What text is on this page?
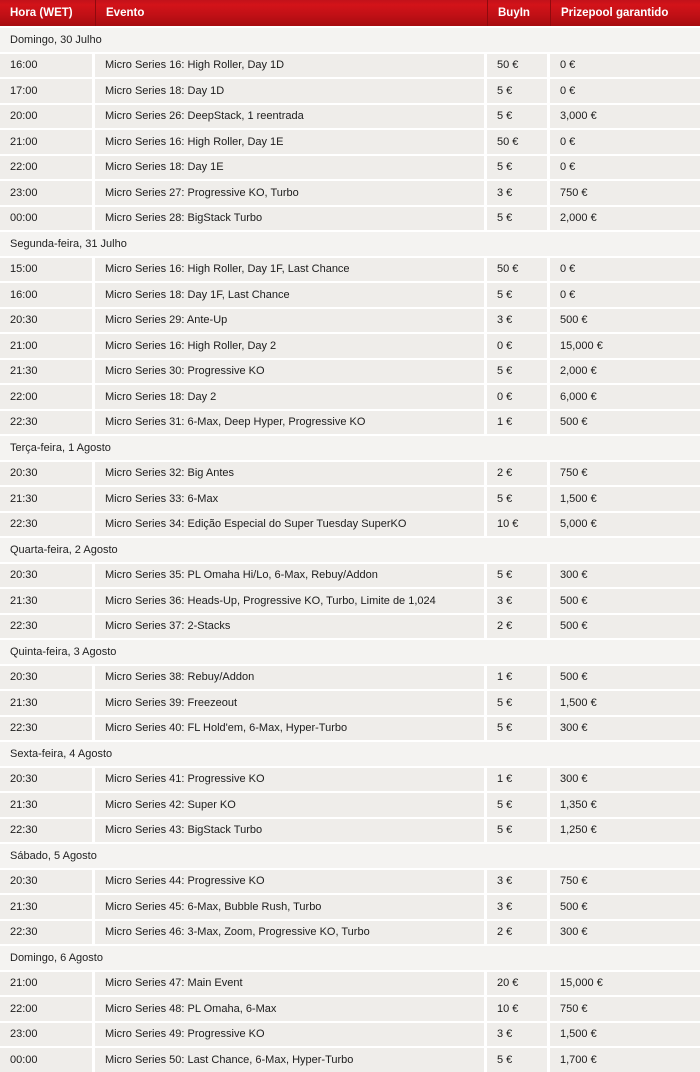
Hora (WET)	Evento	BuyIn	Prizepool garantido
Domingo, 30 Julho
16:00	Micro Series 16: High Roller, Day 1D	50 €	0 €
17:00	Micro Series 18: Day 1D	5 €	0 €
20:00	Micro Series 26: DeepStack, 1 reentrada	5 €	3,000 €
21:00	Micro Series 16: High Roller, Day 1E	50 €	0 €
22:00	Micro Series 18: Day 1E	5 €	0 €
23:00	Micro Series 27: Progressive KO, Turbo	3 €	750 €
00:00	Micro Series 28: BigStack Turbo	5 €	2,000 €
Segunda-feira, 31 Julho
15:00	Micro Series 16: High Roller, Day 1F, Last Chance	50 €	0 €
16:00	Micro Series 18: Day 1F, Last Chance	5 €	0 €
20:30	Micro Series 29: Ante-Up	3 €	500 €
21:00	Micro Series 16: High Roller, Day 2	0 €	15,000 €
21:30	Micro Series 30: Progressive KO	5 €	2,000 €
22:00	Micro Series 18: Day 2	0 €	6,000 €
22:30	Micro Series 31: 6-Max, Deep Hyper, Progressive KO	1 €	500 €
Terça-feira, 1 Agosto
20:30	Micro Series 32: Big Antes	2 €	750 €
21:30	Micro Series 33: 6-Max	5 €	1,500 €
22:30	Micro Series 34: Edição Especial do Super Tuesday SuperKO	10 €	5,000 €
Quarta-feira, 2 Agosto
20:30	Micro Series 35: PL Omaha Hi/Lo, 6-Max, Rebuy/Addon	5 €	300 €
21:30	Micro Series 36: Heads-Up, Progressive KO, Turbo, Limite de 1,024	3 €	500 €
22:30	Micro Series 37: 2-Stacks	2 €	500 €
Quinta-feira, 3 Agosto
20:30	Micro Series 38: Rebuy/Addon	1 €	500 €
21:30	Micro Series 39: Freezeout	5 €	1,500 €
22:30	Micro Series 40: FL Hold'em, 6-Max, Hyper-Turbo	5 €	300 €
Sexta-feira, 4 Agosto
20:30	Micro Series 41: Progressive KO	1 €	300 €
21:30	Micro Series 42: Super KO	5 €	1,350 €
22:30	Micro Series 43: BigStack Turbo	5 €	1,250 €
Sábado, 5 Agosto
20:30	Micro Series 44: Progressive KO	3 €	750 €
21:30	Micro Series 45: 6-Max, Bubble Rush, Turbo	3 €	500 €
22:30	Micro Series 46: 3-Max, Zoom, Progressive KO, Turbo	2 €	300 €
Domingo, 6 Agosto
21:00	Micro Series 47: Main Event	20 €	15,000 €
22:00	Micro Series 48: PL Omaha, 6-Max	10 €	750 €
23:00	Micro Series 49: Progressive KO	3 €	1,500 €
00:00	Micro Series 50: Last Chance, 6-Max, Hyper-Turbo	5 €	1,700 €
